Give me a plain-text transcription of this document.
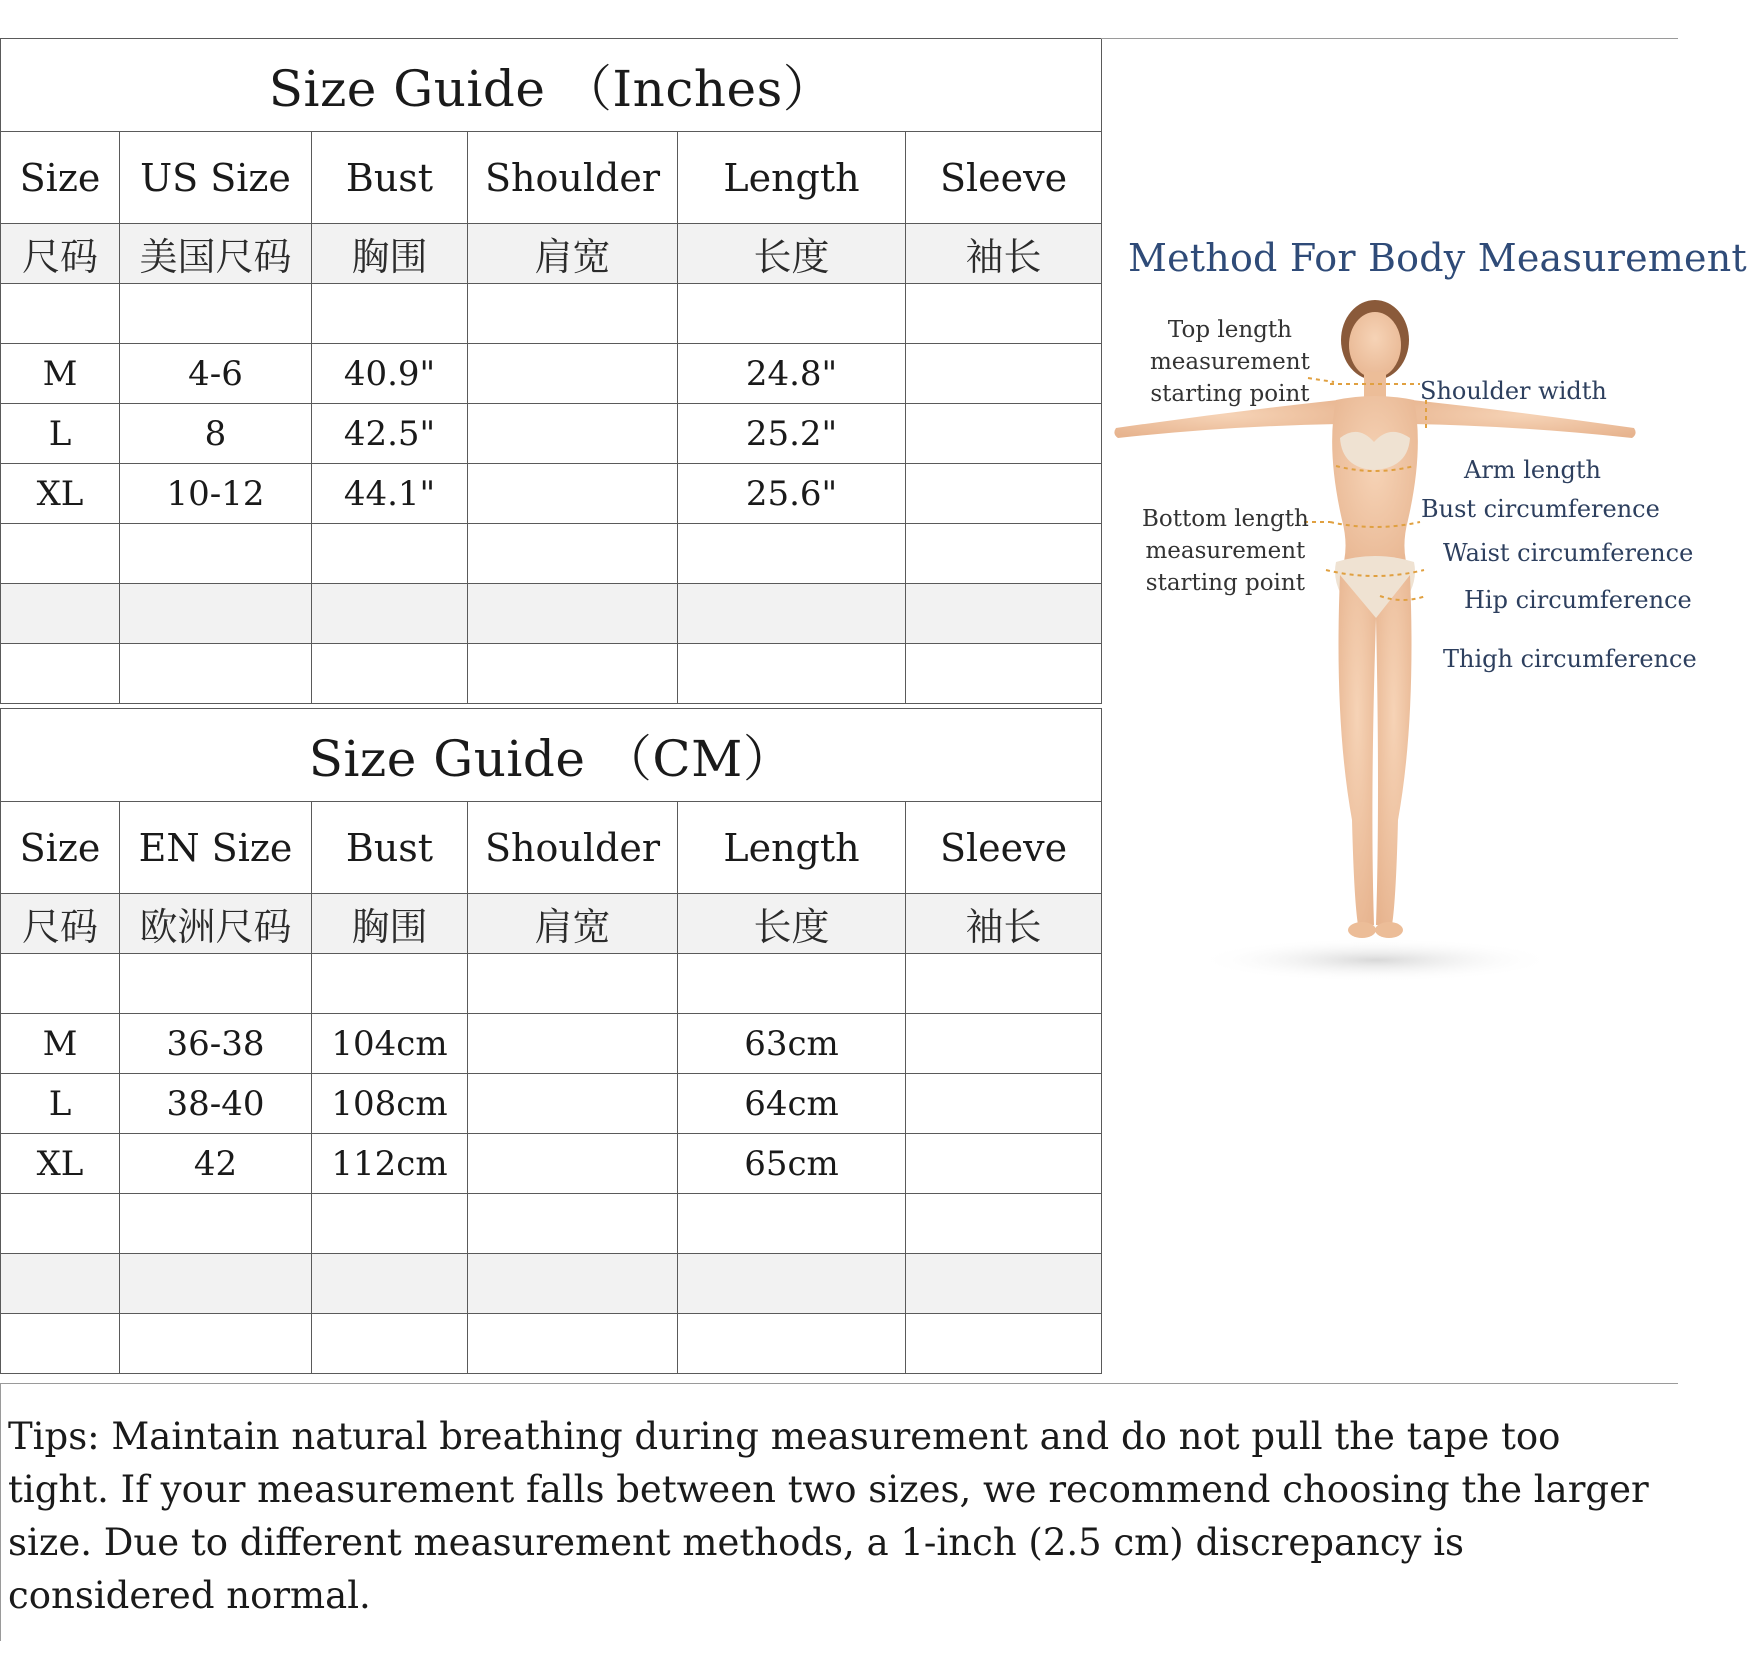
Size Guide （Inches）					
Size	US Size	Bust	Shoulder	Length	Sleeve
尺码	美国尺码	胸围	肩宽	长度	袖长

M	4-6	40.9"		24.8"	
L	8	42.5"		25.2"	
XL	10-12	44.1"		25.6"	

Size Guide （CM）					
Size	EN Size	Bust	Shoulder	Length	Sleeve
尺码	欧洲尺码	胸围	肩宽	长度	袖长

M	36-38	104cm		63cm	
L	38-40	108cm		64cm	
XL	42	112cm		65cm	

Method For Body Measurement
Top length
measurement
starting point
Bottom length
measurement
starting point
Shoulder width
Arm length
Bust circumference
Waist circumference
Hip circumference
Thigh circumference
Tips: Maintain natural breathing during measurement and do not pull the tape too tight. If your measurement falls between two sizes, we recommend choosing the larger size. Due to different measurement methods, a 1-inch (2.5 cm) discrepancy is considered normal.
